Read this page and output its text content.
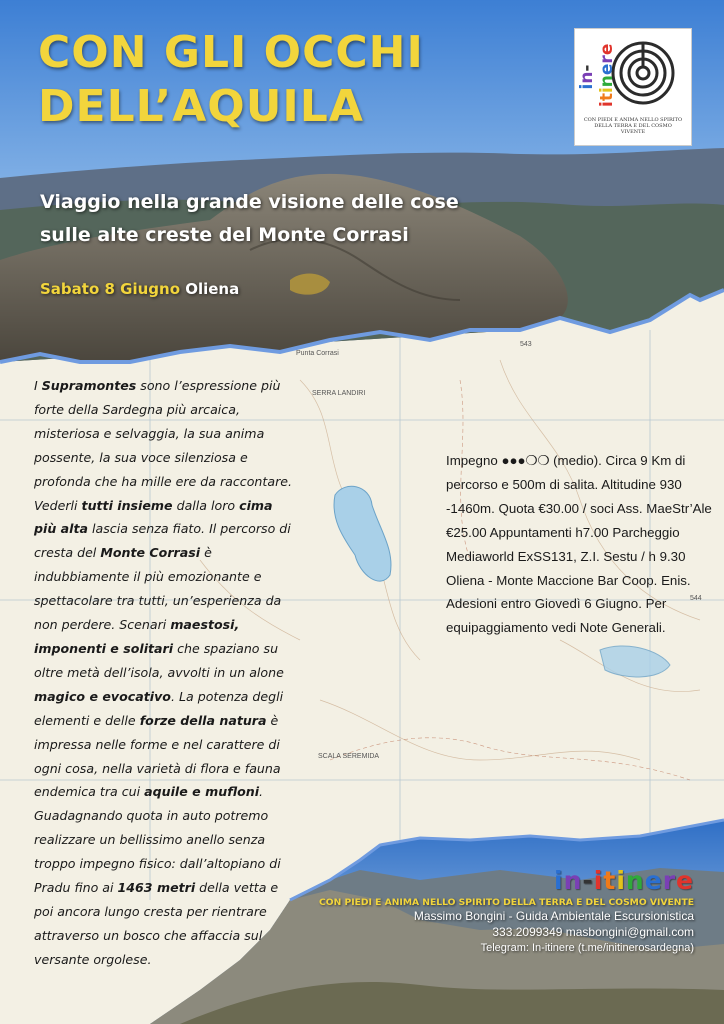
CON GLI OCCHI
DELL’AQUILA
Viaggio nella grande visione delle cose
sulle alte creste del Monte Corrasi
Sabato 8 Giugno Oliena
in-itinere
CON PIEDI E ANIMA NELLO SPIRITO DELLA TERRA E DEL COSMO VIVENTE

I Supramontes sono l’espressione più forte della Sardegna più arcaica, misteriosa e selvaggia, la sua anima possente, la sua voce silenziosa e profonda che ha mille ere da raccontare. Vederli tutti insieme dalla loro cima più alta lascia senza fiato. Il percorso di cresta del Monte Corrasi è indubbiamente il più emozionante e spettacolare tra tutti, un’esperienza da non perdere. Scenari maestosi, imponenti e solitari che spaziano su oltre metà dell’isola, avvolti in un alone magico e evocativo. La potenza degli elementi e delle forze della natura è impressa nelle forme e nel carattere di ogni cosa, nella varietà di flora e fauna endemica tra cui aquile e mufloni. Guadagnando quota in auto potremo realizzare un bellissimo anello senza troppo impegno fisico: dall’altopiano di Pradu fino ai 1463 metri della vetta e poi ancora lungo cresta per rientrare attraverso un bosco che affaccia sul versante orgolese.

Impegno ●●●❍❍ (medio). Circa 9 Km di percorso e 500m di salita. Altitudine 930 -1460m. Quota €30.00 / soci Ass. MaeStr’Ale €25.00 Appuntamenti h7.00 Parcheggio Mediaworld ExSS131, Z.I. Sestu / h 9.30 Oliena - Monte Maccione Bar Coop. Enis. Adesioni entro Giovedì 6 Giugno. Per equipaggiamento vedi Note Generali.

in-itinere
CON PIEDI E ANIMA NELLO SPIRITO DELLA TERRA E DEL COSMO VIVENTE
Massimo Bongini - Guida Ambientale Escursionistica
333.2099349 masbongini@gmail.com
Telegram: In-itinere (t.me/initinerosardegna)
SERRA LANDIRI
SCALA SEREMIDA
543
544
Punta Corrasi
